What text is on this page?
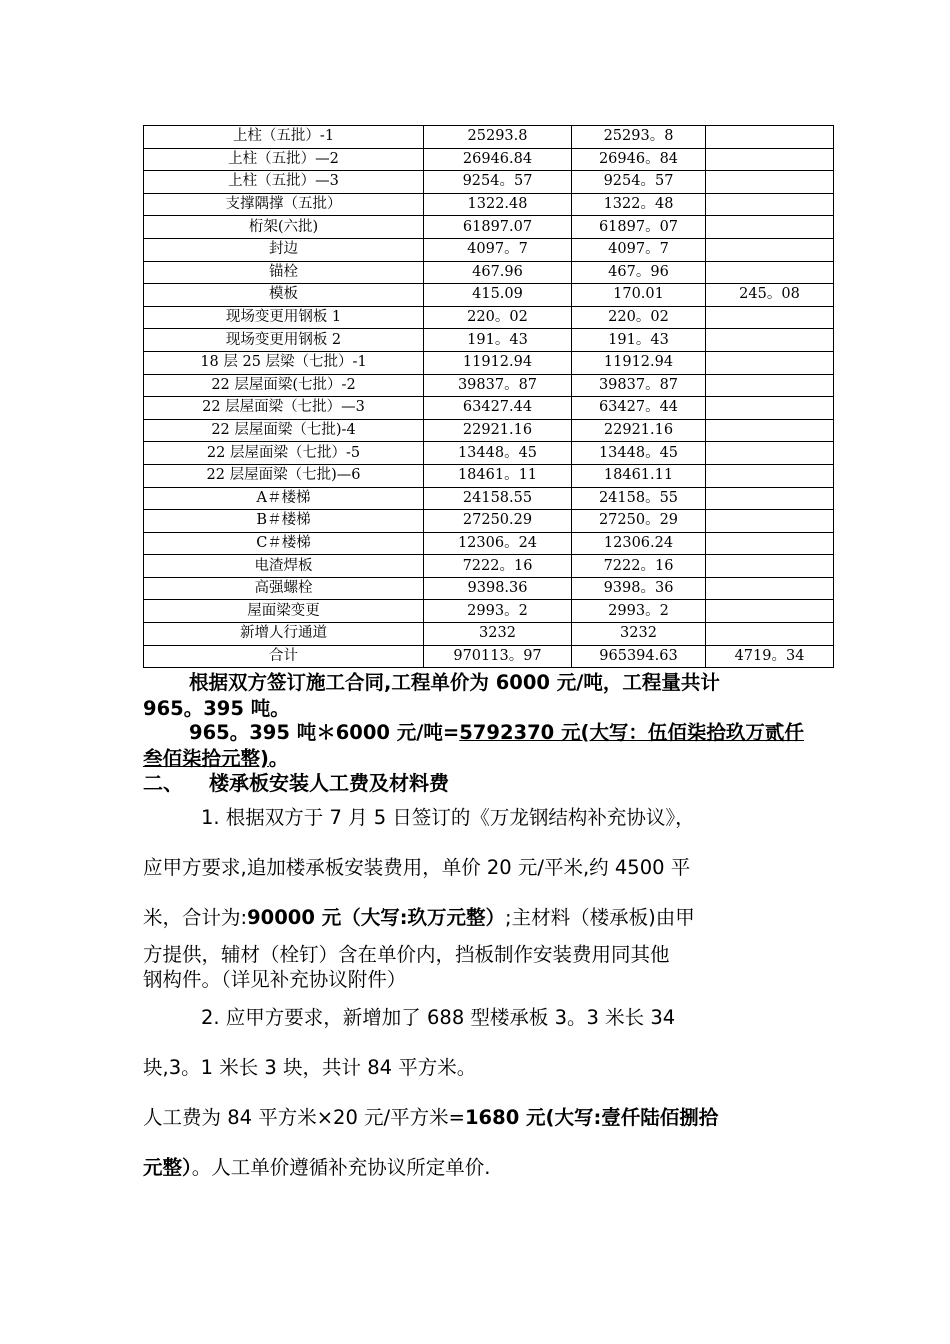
上柱（五批）-1	25293.8	25293。8	
上柱（五批）—2	26946.84	26946。84	
上柱（五批）—3	9254。57	9254。57	
支撑隅撑（五批）	1322.48	1322。48	
桁架(六批)	61897.07	61897。07	
封边	4097。7	4097。7	
锚栓	467.96	467。96	
模板	415.09	170.01	245。08
现场变更用钢板 1	220。02	220。02	
现场变更用钢板 2	191。43	191。43	
18 层 25 层梁（七批）-1	11912.94	11912.94	
22 层屋面梁(七批）-2	39837。87	39837。87	
22 层屋面梁（七批）—3	63427.44	63427。44	
22 层屋面梁（七批)-4	22921.16	22921.16	
22 层屋面梁（七批）-5	13448。45	13448。45	
22 层屋面梁（七批)—6	18461。11	18461.11	
A＃楼梯	24158.55	24158。55	
B＃楼梯	27250.29	27250。29	
C＃楼梯	12306。24	12306.24	
电渣焊板	7222。16	7222。16	
高强螺栓	9398.36	9398。36	
屋面梁变更	2993。2	2993。2	
新增人行通道	3232	3232	
合计	970113。97	965394.63	4719。34
根据双方签订施工合同,工程单价为 6000 元/吨，工程量共计
965。395 吨。
965。395 吨＊6000 元/吨=5792370 元(大写：伍佰柒拾玖万贰仟
叁佰柒拾元整)。
二、 楼承板安装人工费及材料费
1. 根据双方于 7 月 5 日签订的《万龙钢结构补充协议》，
应甲方要求,追加楼承板安装费用，单价 20 元/平米,约 4500 平
米，合计为:90000 元（大写:玖万元整）;主材料（楼承板)由甲
方提供，辅材（栓钉）含在单价内，挡板制作安装费用同其他
钢构件。（详见补充协议附件）
2. 应甲方要求，新增加了 688 型楼承板 3。3 米长 34
块,3。1 米长 3 块，共计 84 平方米。
人工费为 84 平方米×20 元/平方米=1680 元(大写:壹仟陆佰捌拾
元整）。人工单价遵循补充协议所定单价.
